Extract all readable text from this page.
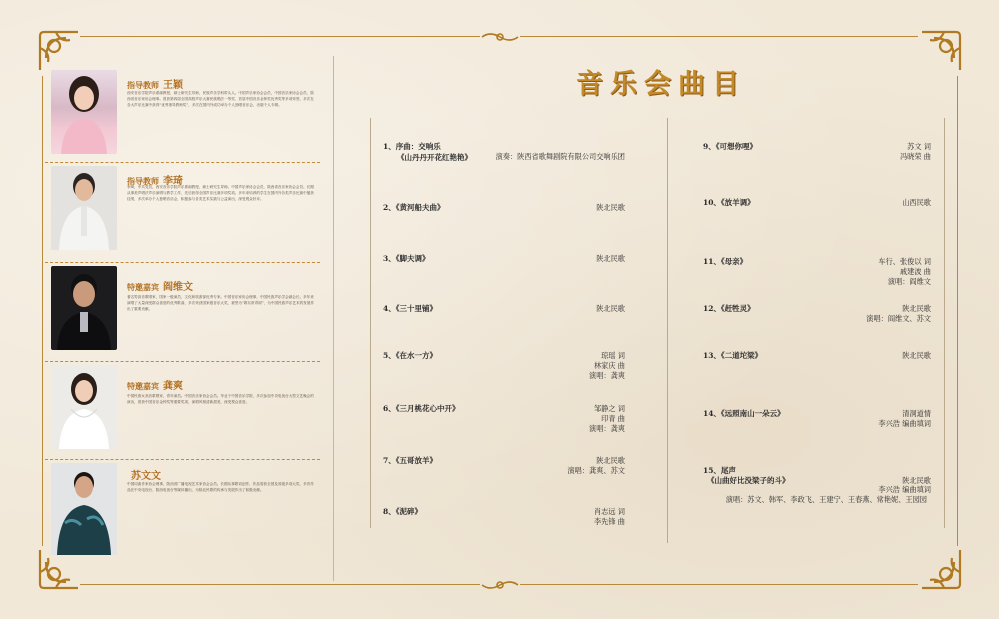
指导教师 王颖
西安音乐学院声乐系副教授，硕士研究生导师，民族声乐学科带头人。中国声乐家协会会员，中国音乐家协会会员，陕西省音乐家协会理事。曾获第四届全国高校声乐大赛民族唱法一等奖、首届中国音乐金钟奖优秀奖等多项荣誉。多次在各大声乐比赛中获得“优秀指导教师奖”，多次在国内外成功举办个人独唱音乐会，出版个人专辑。
指导教师 李琦
李琦，中共党员，西安音乐学院声乐系副教授，硕士研究生导师。中国声乐家协会会员，陕西省音乐家协会会员。长期从事美声唱法声乐演唱与教学工作，先后获得全国声乐比赛多项奖项。多年来培养的学生在国内外各类声乐比赛中屡获佳绩，多次举办个人独唱音乐会，积极参与各类艺术实践与公益演出，深受观众好评。
特邀嘉宾 阎维文
著名男高音歌唱家，国家一级演员，文化和旅游部优秀专家。中国音乐家协会理事，中国民族声乐学会副会长。多年来演唱了大量深受群众喜爱的优秀歌曲，多次荣获国家级音乐大奖，被誉为“歌坛常青树”，为中国民族声乐艺术的发展作出了重要贡献。
特邀嘉宾 龚爽
中国民族女高音歌唱家，青年演员。中国音乐家协会会员。毕业于中国音乐学院，多次参加中央电视台大型文艺晚会的演出，曾获中国音乐金钟奖等重要奖项，演唱风格清新甜美，深受观众喜爱。
苏文文
中国词曲作家协会理事，陕西省广播电视艺术家协会会员。长期从事歌词创作，作品曾获全国及省级多项大奖，多首作品在中央电视台、陕西电视台等媒体播出，为陕北民歌的传承与发展作出了积极贡献。
音乐会曲目
1、序曲：交响乐
《山丹丹开花红艳艳》	演奏：陕西省歌舞剧院有限公司交响乐团
2、《黄河船夫曲》	陕北民歌
3、《脚夫调》	陕北民歌
4、《三十里铺》	陕北民歌
5、《在水一方》	琼瑶 词
林家庆 曲
演唱：龚爽
6、《三月桃花心中开》	邹静之 词
印青 曲
演唱：龚爽
7、《五哥放羊》	陕北民歌
演唱：龚爽、苏文
8、《泥碎》	肖志远 词
李先锋 曲
9、《可想你哩》	苏文 词
冯晓荣 曲
10、《放羊调》	山西民歌
11、《母亲》	车行、张俊以 词
戚建波 曲
演唱：阎维文
12、《赶牲灵》	陕北民歌
演唱：阎维文、苏文
13、《二道坨梁》	陕北民歌
14、《远照南山一朵云》	清洞道情
李兴浩 编曲填词
15、尾声
《山曲好比没梁子的斗》	陕北民歌
李兴浩 编曲填词
演唱：苏文、韩军、李政飞、王建宁、王春燕、常艳妮、王园园
